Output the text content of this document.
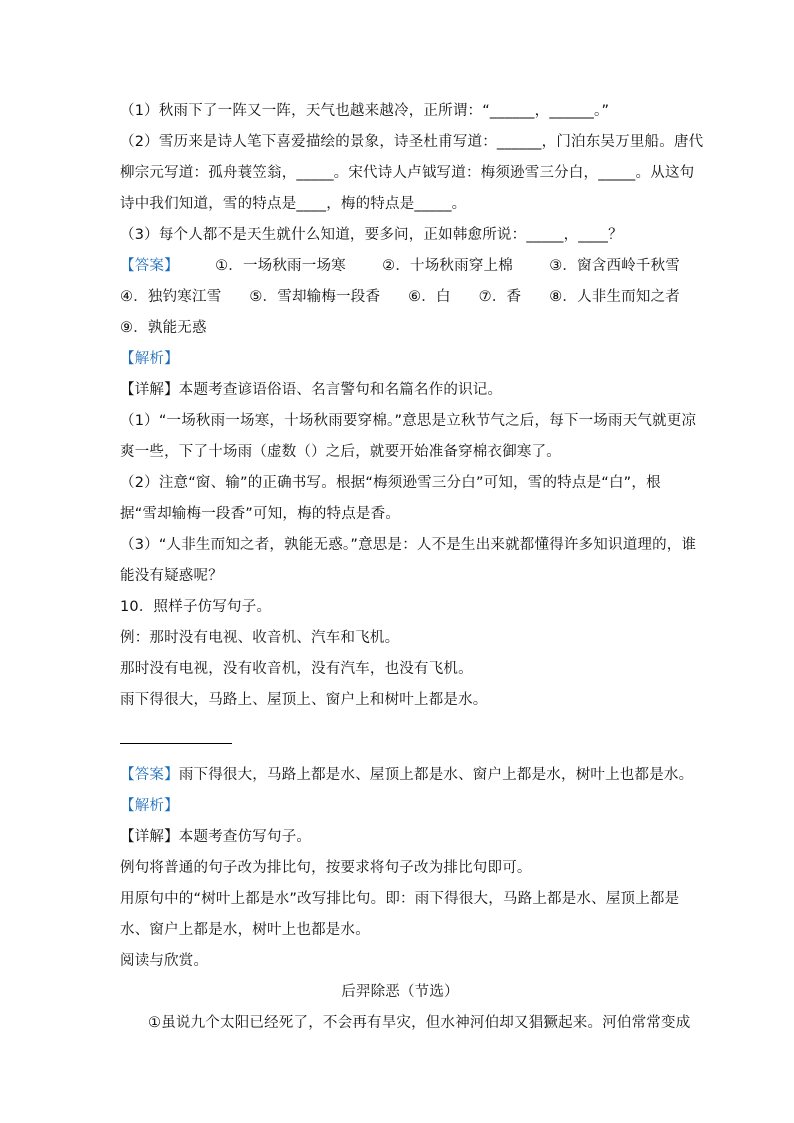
（1）秋雨下了一阵又一阵，天气也越来越冷，正所谓：“______，______。”
（2）雪历来是诗人笔下喜爱描绘的景象，诗圣杜甫写道：______，门泊东吴万里船。唐代
柳宗元写道：孤舟蓑笠翁，_____。宋代诗人卢钺写道：梅须逊雪三分白，_____。从这句
诗中我们知道，雪的特点是____，梅的特点是_____。
（3）每个人都不是天生就什么知道，要多问，正如韩愈所说：_____，____？
【答案】	①．一场秋雨一场寒	②．十场秋雨穿上棉	③．窗含西岭千秋雪
④．独钓寒江雪 ⑤．雪却输梅一段香 ⑥．白 ⑦．香 ⑧．人非生而知之者
⑨．孰能无惑
【解析】
【详解】本题考查谚语俗语、名言警句和名篇名作的识记。
（1）“一场秋雨一场寒，十场秋雨要穿棉。”意思是立秋节气之后，每下一场雨天气就更凉
爽一些，下了十场雨（虚数（）之后，就要开始准备穿棉衣御寒了。
（2）注意“窗、输”的正确书写。根据“梅须逊雪三分白”可知，雪的特点是“白”，根
据“雪却输梅一段香”可知，梅的特点是香。
（3）“人非生而知之者，孰能无惑。”意思是：人不是生出来就都懂得许多知识道理的，谁
能没有疑惑呢？
10．照样子仿写句子。
例：那时没有电视、收音机、汽车和飞机。
那时没有电视，没有收音机，没有汽车，也没有飞机。
雨下得很大，马路上、屋顶上、窗户上和树叶上都是水。
【答案】雨下得很大，马路上都是水、屋顶上都是水、窗户上都是水，树叶上也都是水。
【解析】
【详解】本题考查仿写句子。
例句将普通的句子改为排比句，按要求将句子改为排比句即可。
用原句中的“树叶上都是水”改写排比句。即：雨下得很大，马路上都是水、屋顶上都是
水、窗户上都是水，树叶上也都是水。
阅读与欣赏。
后羿除恶（节选）
①虽说九个太阳已经死了，不会再有旱灾，但水神河伯却又猖獗起来。河伯常常变成
